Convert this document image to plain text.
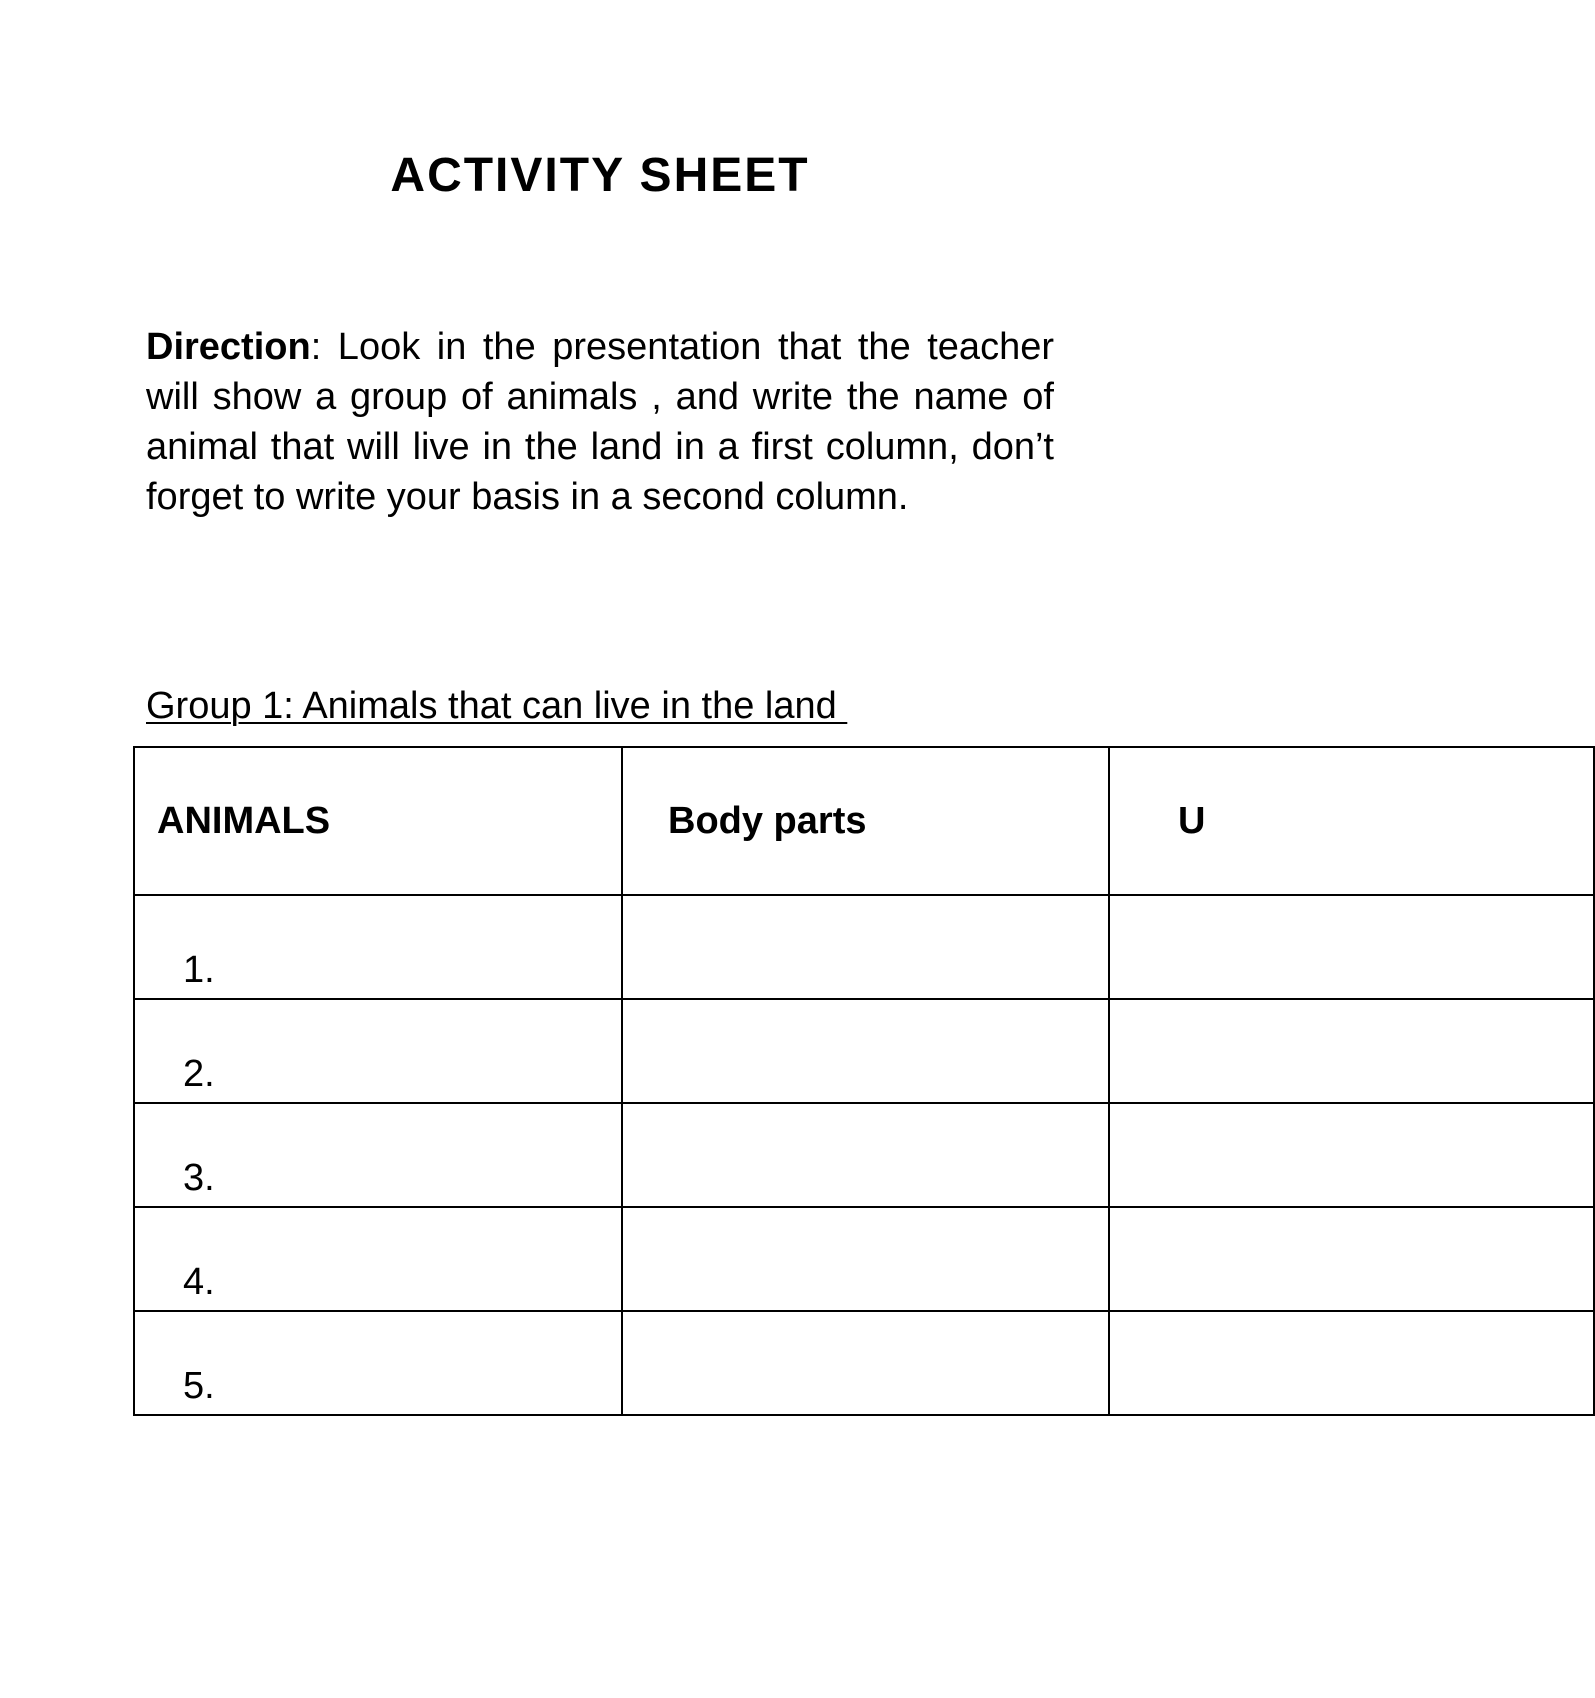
ACTIVITY SHEET

Direction: Look in the presentation that the teacher will show a group of animals , and write the name of animal that will live in the land in a first column, don’t forget to write your basis in a second column.

Group 1: Animals that can live in the land

ANIMALS	Body parts	U
1.		
2.		
3.		
4.		
5.		
